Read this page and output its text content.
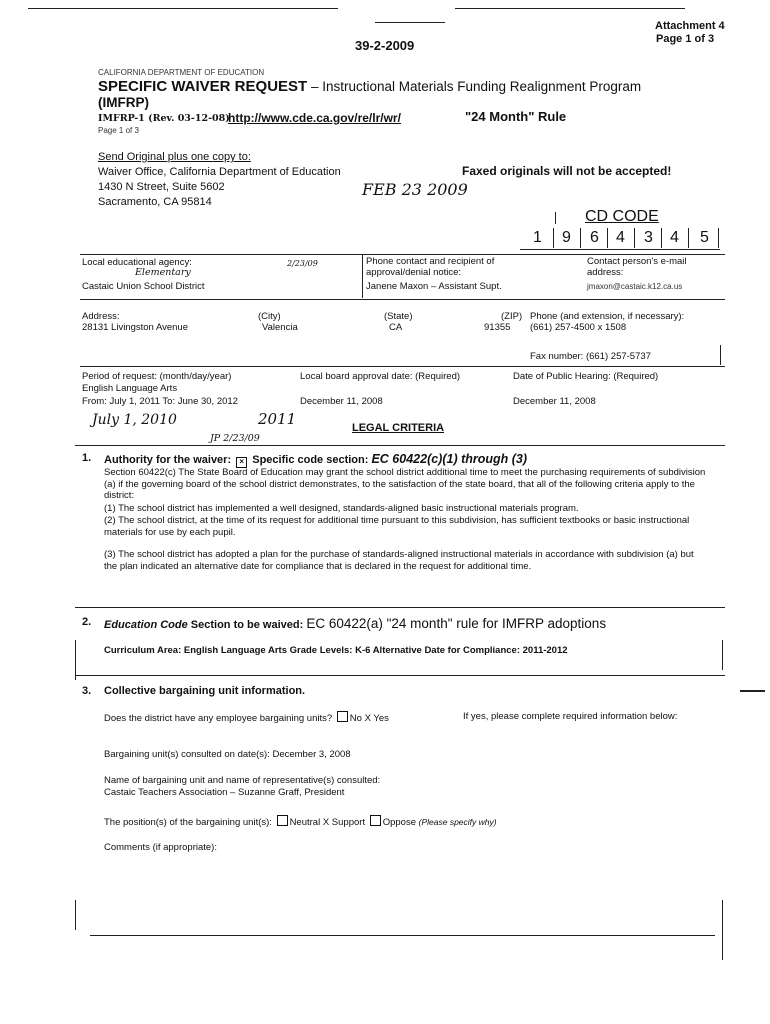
Attachment 4
Page 1 of 3
39-2-2009
CALIFORNIA DEPARTMENT OF EDUCATION
SPECIFIC WAIVER REQUEST – Instructional Materials Funding Realignment Program
(IMFRP)
IMFRP-1 (Rev. 03-12-08)
http://www.cde.ca.gov/re/lr/wr/	"24 Month" Rule
Page 1 of 3
Send Original plus one copy to:
Waiver Office, California Department of Education
1430 N Street, Suite 5602
Sacramento, CA 95814
Faxed originals will not be accepted!
FEB 23 2009
CD CODE
1 9 6 4 3 4 5
Local educational agency:
Elementary
Castaic Union School District
2/23/09	Phone contact and recipient of approval/denial notice:
Janene Maxon – Assistant Supt.
Contact person's e-mail address:
jmaxon@castaic.k12.ca.us
Address:
28131 Livingston Avenue
(City)
Valencia
(State)
CA
(ZIP)
91355
Phone (and extension, if necessary):
(661) 257-4500 x 1508
Fax number: (661) 257-5737
Period of request: (month/day/year)
English Language Arts
From: July 1, 2011 To: June 30, 2012
July 1, 2010	2011
JP 2/23/09
Local board approval date: (Required)
December 11, 2008
Date of Public Hearing: (Required)
December 11, 2008
LEGAL CRITERIA
1. Authority for the waiver: × Specific code section: EC 60422(c)(1) through (3)
Section 60422(c) The State Board of Education may grant the school district additional time to meet the purchasing requirements of subdivision (a) if the governing board of the school district demonstrates, to the satisfaction of the state board, that all of the following criteria apply to the district:
(1) The school district has implemented a well designed, standards-aligned basic instructional materials program.
(2) The school district, at the time of its request for additional time pursuant to this subdivision, has sufficient textbooks or basic instructional materials for use by each pupil.
(3) The school district has adopted a plan for the purchase of standards-aligned instructional materials in accordance with subdivision (a) but the plan indicated an alternative date for compliance that is declared in the request for additional time.
2. Education Code Section to be waived: EC 60422(a) "24 month" rule for IMFRP adoptions
Curriculum Area: English Language Arts Grade Levels: K-6 Alternative Date for Compliance: 2011-2012
3. Collective bargaining unit information.
Does the district have any employee bargaining units? No X Yes	If yes, please complete required information below:
Bargaining unit(s) consulted on date(s): December 3, 2008
Name of bargaining unit and name of representative(s) consulted:
Castaic Teachers Association – Suzanne Graff, President
The position(s) of the bargaining unit(s): Neutral X Support Oppose (Please specify why)
Comments (if appropriate):
